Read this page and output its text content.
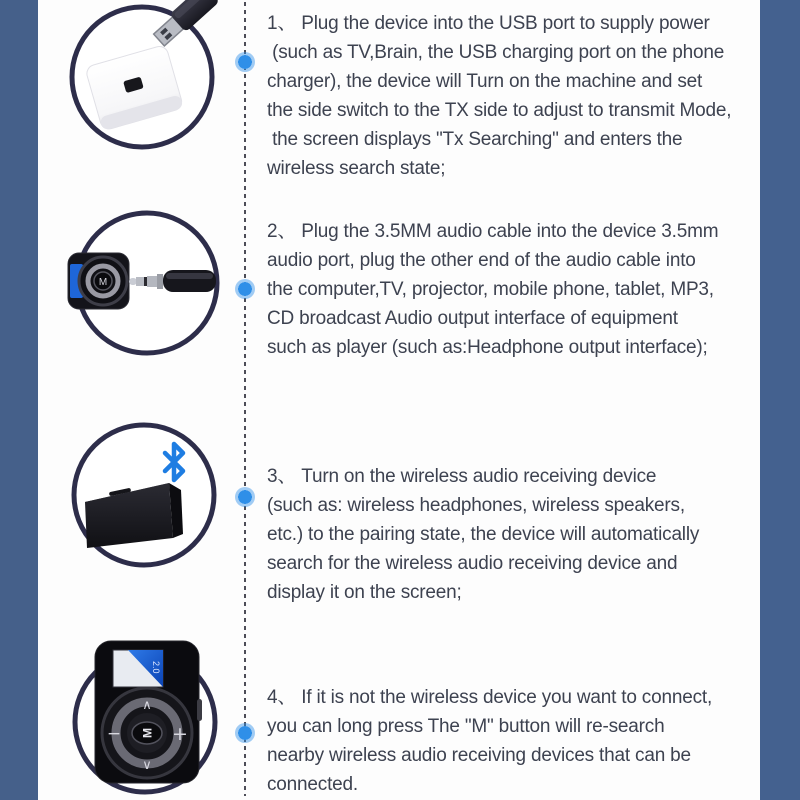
M
2.0
M
∧
∨
−	+
1、 Plug the device into the USB port to supply power
(such as TV,Brain, the USB charging port on the phone
charger), the device will Turn on the machine and set
the side switch to the TX side to adjust to transmit Mode,
the screen displays "Tx Searching" and enters the
wireless search state;
2、 Plug the 3.5MM audio cable into the device 3.5mm
audio port, plug the other end of the audio cable into
the computer,TV, projector, mobile phone, tablet, MP3,
CD broadcast Audio output interface of equipment
such as player (such as:Headphone output interface);
3、 Turn on the wireless audio receiving device
(such as: wireless headphones, wireless speakers,
etc.) to the pairing state, the device will automatically
search for the wireless audio receiving device and
display it on the screen;
4、 If it is not the wireless device you want to connect,
you can long press The "M" button will re-search
nearby wireless audio receiving devices that can be
connected.
